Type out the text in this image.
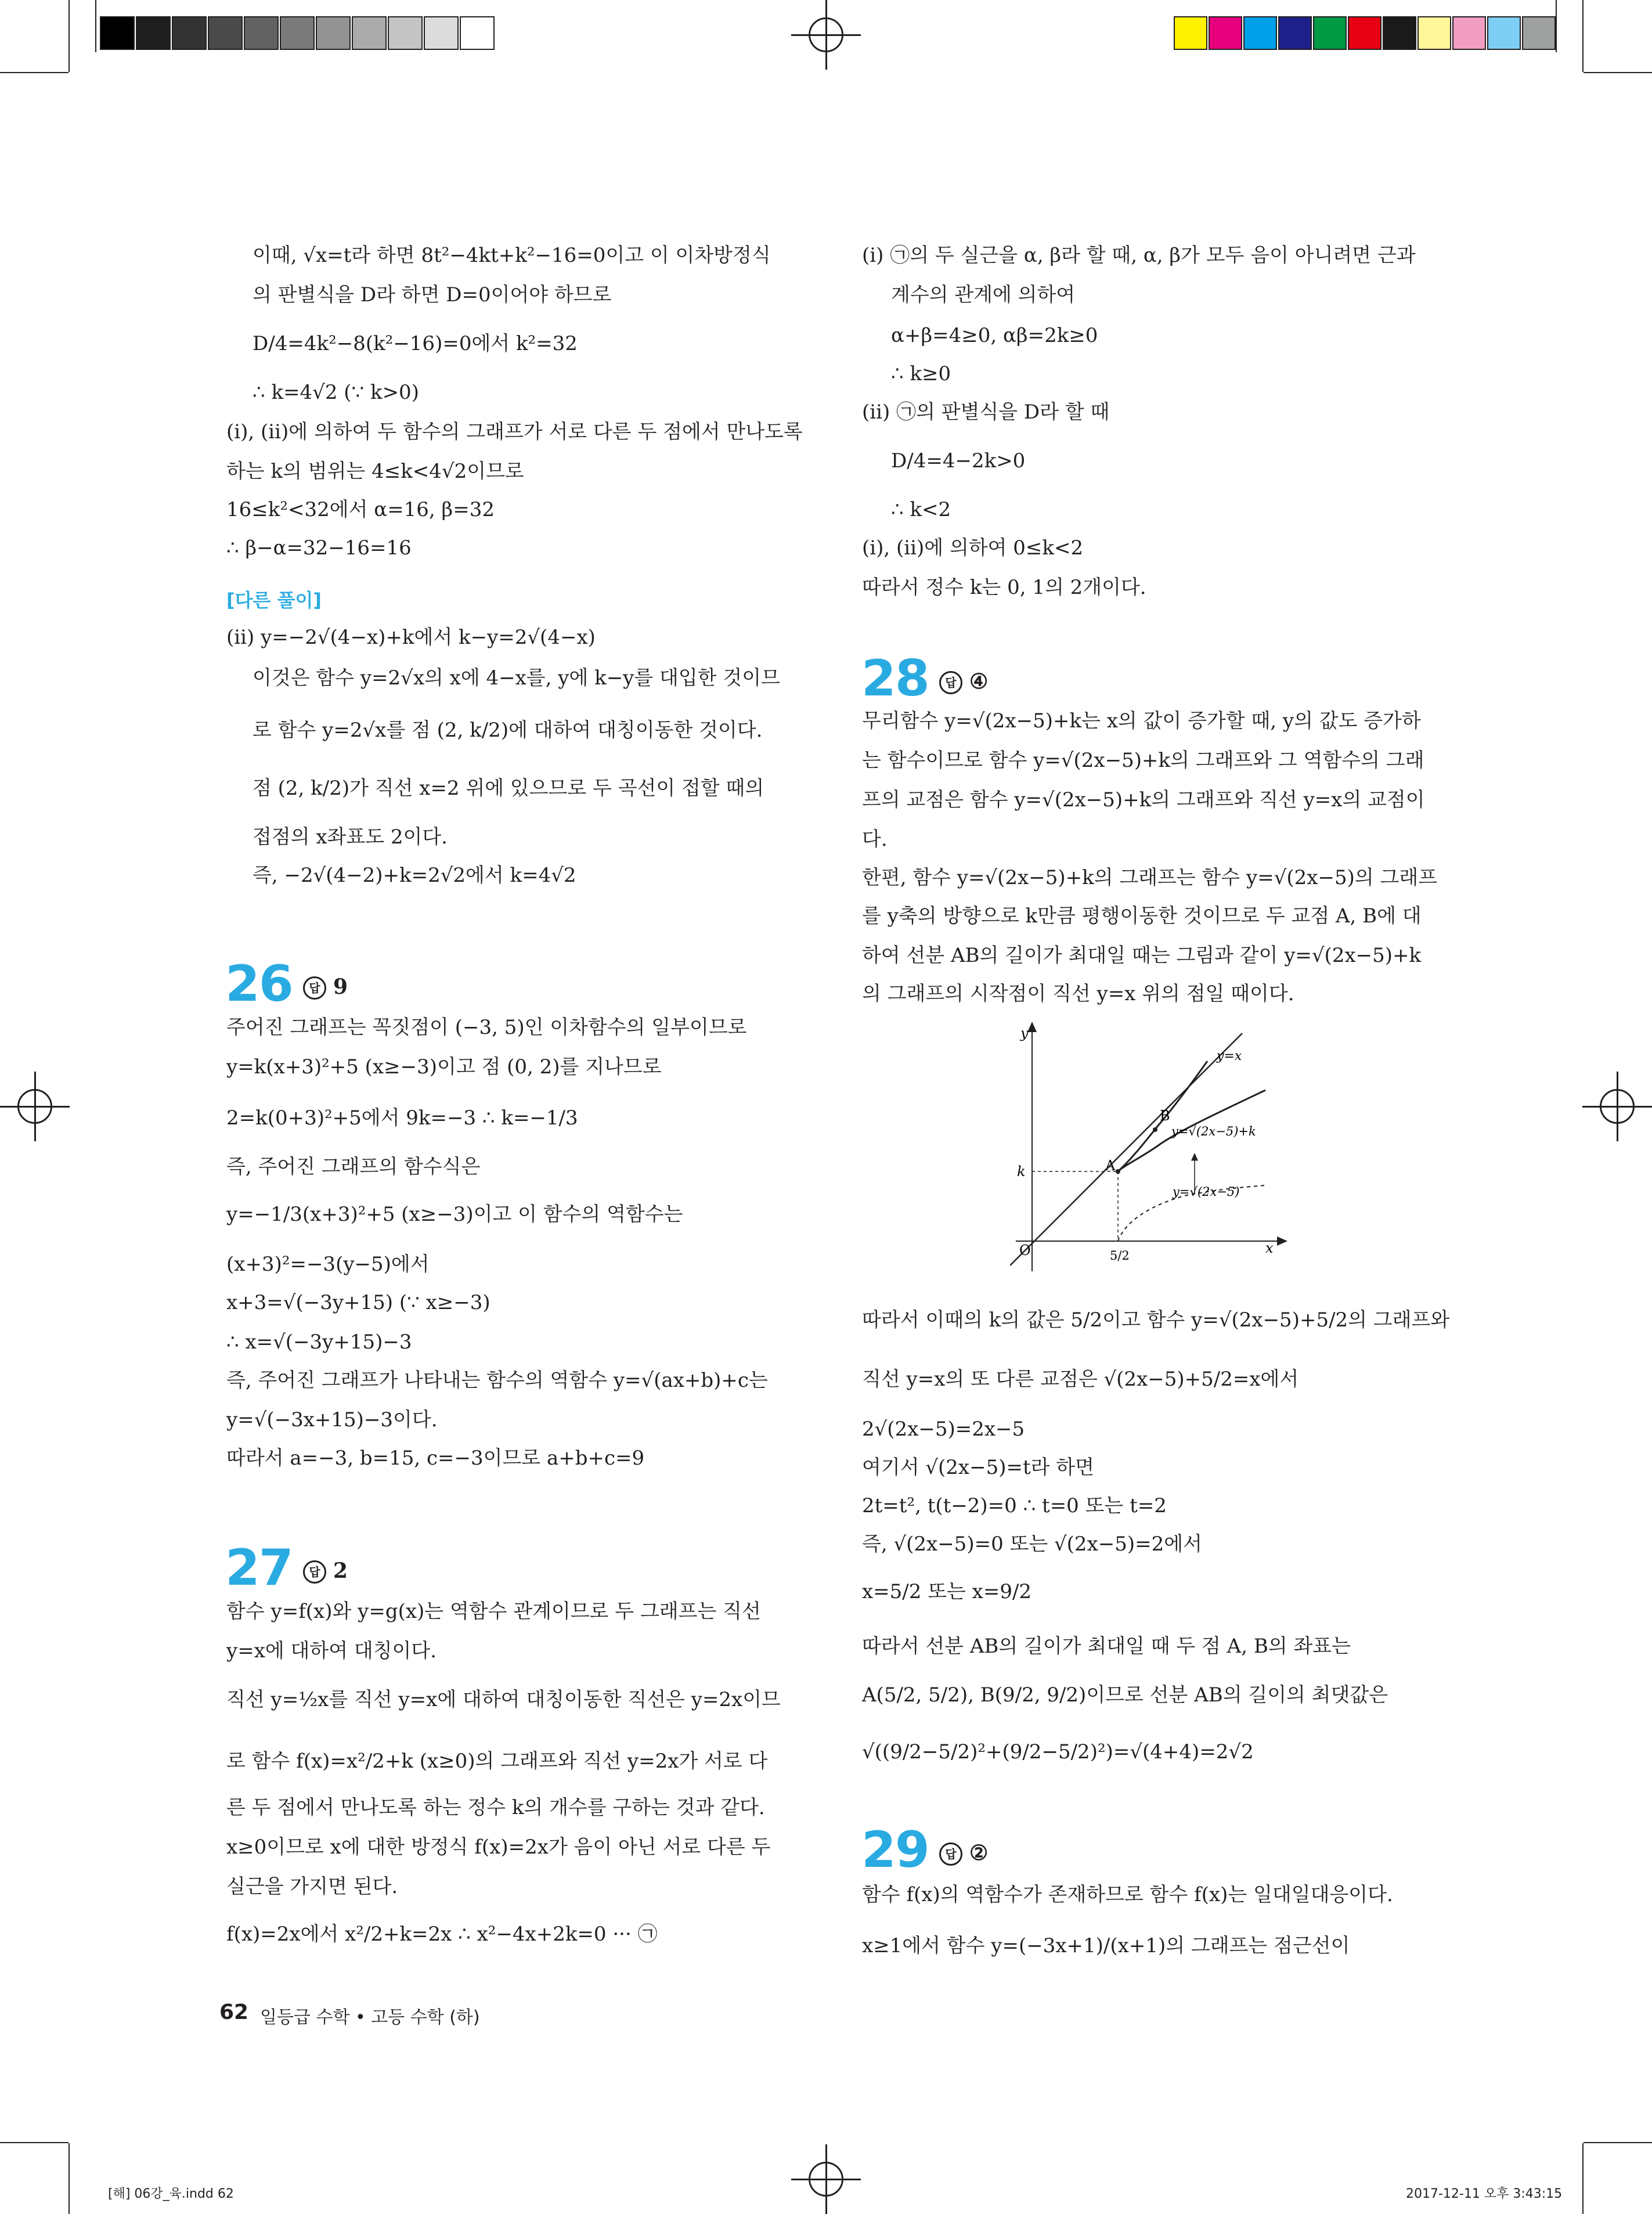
이때, √x=t라 하면 8t²−4kt+k²−16=0이고 이 이차방정식
의 판별식을 D라 하면 D=0이어야 하므로
D/4=4k²−8(k²−16)=0에서 k²=32
∴ k=4√2 (∵ k>0)
(ⅰ), (ⅱ)에 의하여 두 함수의 그래프가 서로 다른 두 점에서 만나도록
하는 k의 범위는 4≤k<4√2이므로
16≤k²<32에서 α=16, β=32
∴ β−α=32−16=16
[다른 풀이]
(ⅱ) y=−2√(4−x)+k에서 k−y=2√(4−x)
이것은 함수 y=2√x의 x에 4−x를, y에 k−y를 대입한 것이므
로 함수 y=2√x를 점 (2, k/2)에 대하여 대칭이동한 것이다.
점 (2, k/2)가 직선 x=2 위에 있으므로 두 곡선이 접할 때의
접점의 x좌표도 2이다.
즉, −2√(4−2)+k=2√2에서 k=4√2
26	답 9
주어진 그래프는 꼭짓점이 (−3, 5)인 이차함수의 일부이므로
y=k(x+3)²+5 (x≥−3)이고 점 (0, 2)를 지나므로
2=k(0+3)²+5에서 9k=−3 ∴ k=−1/3
즉, 주어진 그래프의 함수식은
y=−1/3(x+3)²+5 (x≥−3)이고 이 함수의 역함수는
(x+3)²=−3(y−5)에서
x+3=√(−3y+15) (∵ x≥−3)
∴ x=√(−3y+15)−3
즉, 주어진 그래프가 나타내는 함수의 역함수 y=√(ax+b)+c는
y=√(−3x+15)−3이다.
따라서 a=−3, b=15, c=−3이므로 a+b+c=9
27	답 2
함수 y=f(x)와 y=g(x)는 역함수 관계이므로 두 그래프는 직선
y=x에 대하여 대칭이다.
직선 y=½x를 직선 y=x에 대하여 대칭이동한 직선은 y=2x이므
로 함수 f(x)=x²/2+k (x≥0)의 그래프와 직선 y=2x가 서로 다
른 두 점에서 만나도록 하는 정수 k의 개수를 구하는 것과 같다.
x≥0이므로 x에 대한 방정식 f(x)=2x가 음이 아닌 서로 다른 두
실근을 가지면 된다.
f(x)=2x에서 x²/2+k=2x ∴ x²−4x+2k=0 ··· ㉠
(ⅰ) ㉠의 두 실근을 α, β라 할 때, α, β가 모두 음이 아니려면 근과
계수의 관계에 의하여
α+β=4≥0, αβ=2k≥0
∴ k≥0
(ⅱ) ㉠의 판별식을 D라 할 때
D/4=4−2k>0
∴ k<2
(ⅰ), (ⅱ)에 의하여 0≤k<2
따라서 정수 k는 0, 1의 2개이다.
28	답 ④
무리함수 y=√(2x−5)+k는 x의 값이 증가할 때, y의 값도 증가하
는 함수이므로 함수 y=√(2x−5)+k의 그래프와 그 역함수의 그래
프의 교점은 함수 y=√(2x−5)+k의 그래프와 직선 y=x의 교점이
다.
한편, 함수 y=√(2x−5)+k의 그래프는 함수 y=√(2x−5)의 그래프
를 y축의 방향으로 k만큼 평행이동한 것이므로 두 교점 A, B에 대
하여 선분 AB의 길이가 최대일 때는 그림과 같이 y=√(2x−5)+k
의 그래프의 시작점이 직선 y=x 위의 점일 때이다.
y
x
O
y=x
y=√(2x−5)+k
y=√(2x−5)
A
B
k
5/2
따라서 이때의 k의 값은 5/2이고 함수 y=√(2x−5)+5/2의 그래프와
직선 y=x의 또 다른 교점은 √(2x−5)+5/2=x에서
2√(2x−5)=2x−5
여기서 √(2x−5)=t라 하면
2t=t², t(t−2)=0 ∴ t=0 또는 t=2
즉, √(2x−5)=0 또는 √(2x−5)=2에서
x=5/2 또는 x=9/2
따라서 선분 AB의 길이가 최대일 때 두 점 A, B의 좌표는
A(5/2, 5/2), B(9/2, 9/2)이므로 선분 AB의 길이의 최댓값은
√((9/2−5/2)²+(9/2−5/2)²)=√(4+4)=2√2
29	답 ②
함수 f(x)의 역함수가 존재하므로 함수 f(x)는 일대일대응이다.
x≥1에서 함수 y=(−3x+1)/(x+1)의 그래프는 점근선이
62 일등급 수학 • 고등 수학 (하)
[해] 06강_육.indd 62	2017-12-11 오후 3:43:15
